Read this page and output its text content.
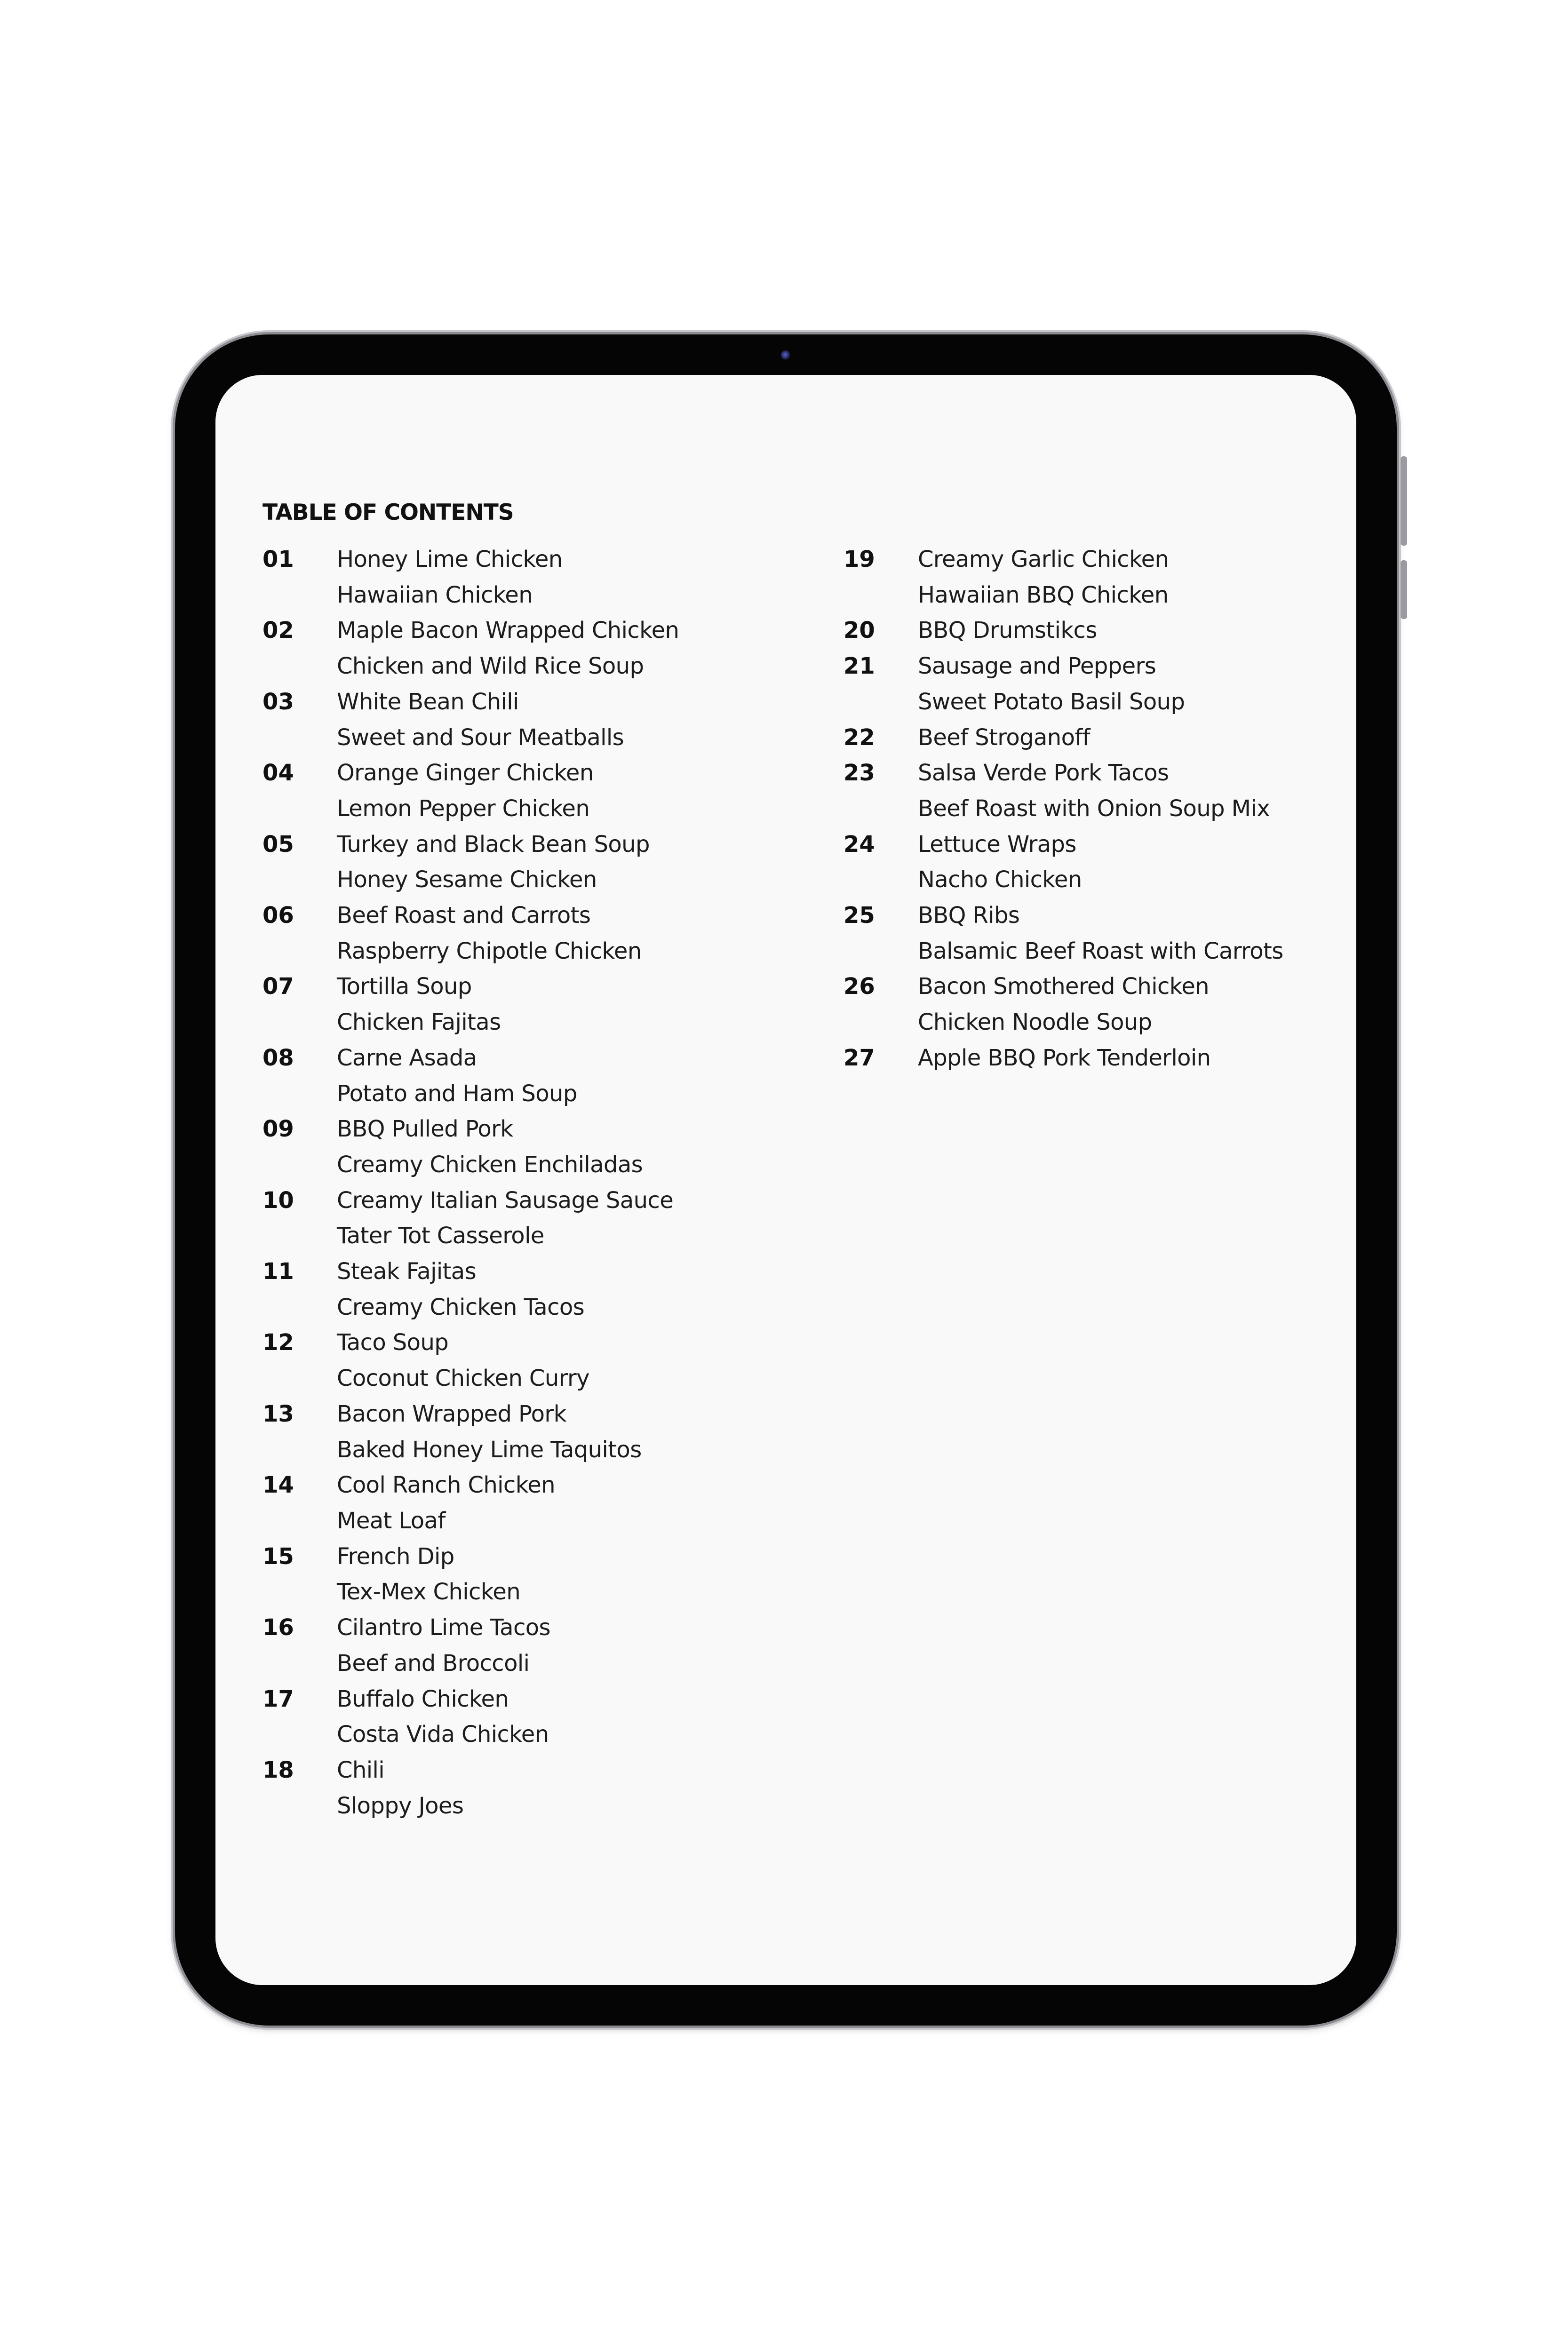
TABLE OF CONTENTS
01	Honey Lime Chicken
Hawaiian Chicken
02	Maple Bacon Wrapped Chicken
Chicken and Wild Rice Soup
03	White Bean Chili
Sweet and Sour Meatballs
04	Orange Ginger Chicken
Lemon Pepper Chicken
05	Turkey and Black Bean Soup
Honey Sesame Chicken
06	Beef Roast and Carrots
Raspberry Chipotle Chicken
07	Tortilla Soup
Chicken Fajitas
08	Carne Asada
Potato and Ham Soup
09	BBQ Pulled Pork
Creamy Chicken Enchiladas
10	Creamy Italian Sausage Sauce
Tater Tot Casserole
11	Steak Fajitas
Creamy Chicken Tacos
12	Taco Soup
Coconut Chicken Curry
13	Bacon Wrapped Pork
Baked Honey Lime Taquitos
14	Cool Ranch Chicken
Meat Loaf
15	French Dip
Tex-Mex Chicken
16	Cilantro Lime Tacos
Beef and Broccoli
17	Buffalo Chicken
Costa Vida Chicken
18	Chili
Sloppy Joes
19	Creamy Garlic Chicken
Hawaiian BBQ Chicken
20	BBQ Drumstikcs
21	Sausage and Peppers
Sweet Potato Basil Soup
22	Beef Stroganoff
23	Salsa Verde Pork Tacos
Beef Roast with Onion Soup Mix
24	Lettuce Wraps
Nacho Chicken
25	BBQ Ribs
Balsamic Beef Roast with Carrots
26	Bacon Smothered Chicken
Chicken Noodle Soup
27	Apple BBQ Pork Tenderloin
